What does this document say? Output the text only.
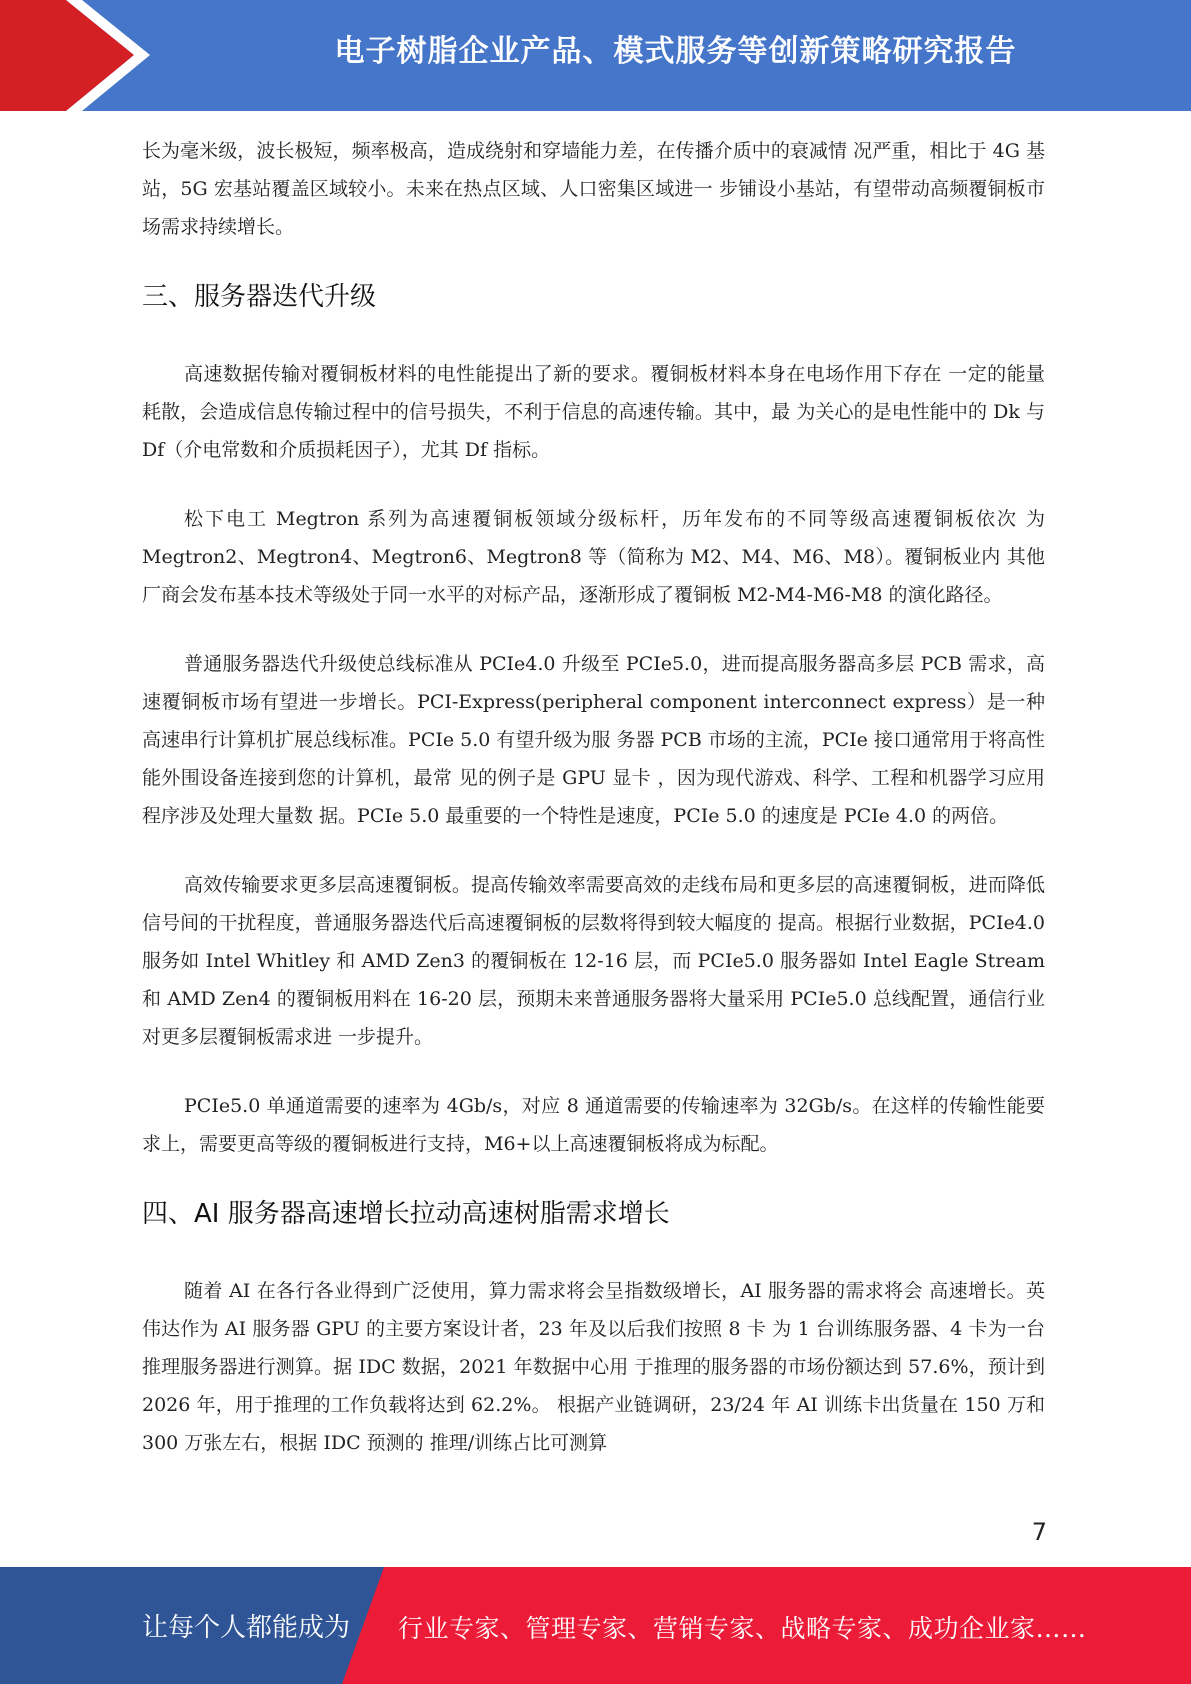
电子树脂企业产品、模式服务等创新策略研究报告

长为毫米级，波长极短，频率极高，造成绕射和穿墙能力差，在传播介质中的衰减情 况严重，相比于 4G 基站，5G 宏基站覆盖区域较小。未来在热点区域、人口密集区域进一 步铺设小基站，有望带动高频覆铜板市场需求持续增长。

三、服务器迭代升级

高速数据传输对覆铜板材料的电性能提出了新的要求。覆铜板材料本身在电场作用下存在 一定的能量耗散，会造成信息传输过程中的信号损失，不利于信息的高速传输。其中，最 为关心的是电性能中的 Dk 与 Df（介电常数和介质损耗因子），尤其 Df 指标。

松下电工 Megtron 系列为高速覆铜板领域分级标杆，历年发布的不同等级高速覆铜板依次 为 Megtron2、Megtron4、Megtron6、Megtron8 等（简称为 M2、M4、M6、M8）。覆铜板业内 其他厂商会发布基本技术等级处于同一水平的对标产品，逐渐形成了覆铜板 M2-M4-M6-M8 的演化路径。

普通服务器迭代升级使总线标准从 PCIe4.0 升级至 PCIe5.0，进而提高服务器高多层 PCB 需求，高速覆铜板市场有望进一步增长。PCI-Express(peripheral component interconnect express）是一种高速串行计算机扩展总线标准。PCIe 5.0 有望升级为服 务器 PCB 市场的主流，PCIe 接口通常用于将高性能外围设备连接到您的计算机，最常 见的例子是 GPU 显卡 ，因为现代游戏、科学、工程和机器学习应用程序涉及处理大量数 据。PCIe 5.0 最重要的一个特性是速度，PCIe 5.0 的速度是 PCIe 4.0 的两倍。

高效传输要求更多层高速覆铜板。提高传输效率需要高效的走线布局和更多层的高速覆铜板，进而降低信号间的干扰程度，普通服务器迭代后高速覆铜板的层数将得到较大幅度的 提高。根据行业数据，PCIe4.0 服务如 Intel Whitley 和 AMD Zen3 的覆铜板在 12-16 层，而 PCIe5.0 服务器如 Intel Eagle Stream 和 AMD Zen4 的覆铜板用料在 16-20 层，预期未来普通服务器将大量采用 PCIe5.0 总线配置，通信行业对更多层覆铜板需求进 一步提升。

PCIe5.0 单通道需要的速率为 4Gb/s，对应 8 通道需要的传输速率为 32Gb/s。在这样的传输性能要求上，需要更高等级的覆铜板进行支持，M6+以上高速覆铜板将成为标配。

四、AI 服务器高速增长拉动高速树脂需求增长

随着 AI 在各行各业得到广泛使用，算力需求将会呈指数级增长，AI 服务器的需求将会 高速增长。英伟达作为 AI 服务器 GPU 的主要方案设计者，23 年及以后我们按照 8 卡 为 1 台训练服务器、4 卡为一台推理服务器进行测算。据 IDC 数据，2021 年数据中心用 于推理的服务器的市场份额达到 57.6%，预计到 2026 年，用于推理的工作负载将达到 62.2%。 根据产业链调研，23/24 年 AI 训练卡出货量在 150 万和 300 万张左右，根据 IDC 预测的 推理/训练占比可测算

7
让每个人都能成为 行业专家、管理专家、营销专家、战略专家、成功企业家……
